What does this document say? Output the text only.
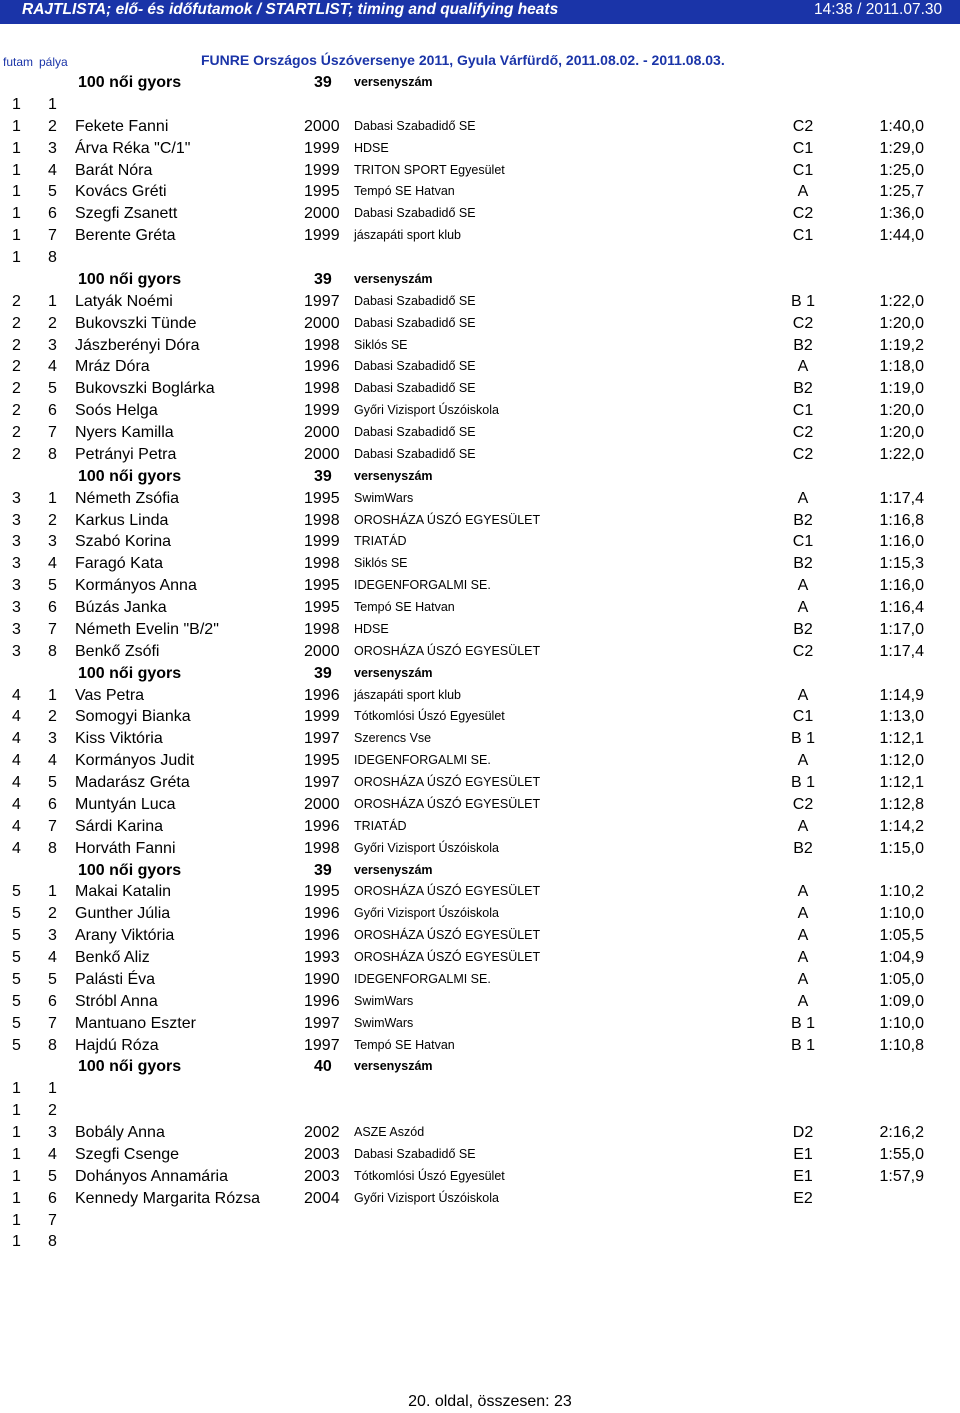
RAJTLISTA; elő- és időfutamok / STARTLIST; timing and qualifying heats	14:38 / 2011.07.30
futam pálya	FUNRE Országos Úszóversenye 2011, Gyula Várfürdő, 2011.08.02. - 2011.08.03.
100 női gyors	39 versenyszám
1 1
1 2 Fekete Fanni	2000 Dabasi Szabadidő SE	C2	1:40,0
1 3 Árva Réka "C/1"	1999 HDSE	C1	1:29,0
1 4 Barát Nóra	1999 TRITON SPORT Egyesület	C1	1:25,0
1 5 Kovács Gréti	1995 Tempó SE Hatvan	A	1:25,7
1 6 Szegfi Zsanett	2000 Dabasi Szabadidő SE	C2	1:36,0
1 7 Berente Gréta	1999 jászapáti sport klub	C1	1:44,0
1 8
100 női gyors	39 versenyszám
2 1 Latyák Noémi	1997 Dabasi Szabadidő SE	B 1	1:22,0
2 2 Bukovszki Tünde	2000 Dabasi Szabadidő SE	C2	1:20,0
2 3 Jászberényi Dóra	1998 Siklós SE	B2	1:19,2
2 4 Mráz Dóra	1996 Dabasi Szabadidő SE	A	1:18,0
2 5 Bukovszki Boglárka	1998 Dabasi Szabadidő SE	B2	1:19,0
2 6 Soós Helga	1999 Győri Vizisport Úszóiskola	C1	1:20,0
2 7 Nyers Kamilla	2000 Dabasi Szabadidő SE	C2	1:20,0
2 8 Petrányi Petra	2000 Dabasi Szabadidő SE	C2	1:22,0
100 női gyors	39 versenyszám
3 1 Németh Zsófia	1995 SwimWars	A	1:17,4
3 2 Karkus Linda	1998 OROSHÁZA ÚSZÓ EGYESÜLET	B2	1:16,8
3 3 Szabó Korina	1999 TRIATÁD	C1	1:16,0
3 4 Faragó Kata	1998 Siklós SE	B2	1:15,3
3 5 Kormányos Anna	1995 IDEGENFORGALMI SE.	A	1:16,0
3 6 Búzás Janka	1995 Tempó SE Hatvan	A	1:16,4
3 7 Németh Evelin "B/2"	1998 HDSE	B2	1:17,0
3 8 Benkő Zsófi	2000 OROSHÁZA ÚSZÓ EGYESÜLET	C2	1:17,4
100 női gyors	39 versenyszám
4 1 Vas Petra	1996 jászapáti sport klub	A	1:14,9
4 2 Somogyi Bianka	1999 Tótkomlósi Úszó Egyesület	C1	1:13,0
4 3 Kiss Viktória	1997 Szerencs Vse	B 1	1:12,1
4 4 Kormányos Judit	1995 IDEGENFORGALMI SE.	A	1:12,0
4 5 Madarász Gréta	1997 OROSHÁZA ÚSZÓ EGYESÜLET	B 1	1:12,1
4 6 Muntyán Luca	2000 OROSHÁZA ÚSZÓ EGYESÜLET	C2	1:12,8
4 7 Sárdi Karina	1996 TRIATÁD	A	1:14,2
4 8 Horváth Fanni	1998 Győri Vizisport Úszóiskola	B2	1:15,0
100 női gyors	39 versenyszám
5 1 Makai Katalin	1995 OROSHÁZA ÚSZÓ EGYESÜLET	A	1:10,2
5 2 Gunther Júlia	1996 Győri Vizisport Úszóiskola	A	1:10,0
5 3 Arany Viktória	1996 OROSHÁZA ÚSZÓ EGYESÜLET	A	1:05,5
5 4 Benkő Aliz	1993 OROSHÁZA ÚSZÓ EGYESÜLET	A	1:04,9
5 5 Palásti Éva	1990 IDEGENFORGALMI SE.	A	1:05,0
5 6 Stróbl Anna	1996 SwimWars	A	1:09,0
5 7 Mantuano Eszter	1997 SwimWars	B 1	1:10,0
5 8 Hajdú Róza	1997 Tempó SE Hatvan	B 1	1:10,8
100 női gyors	40 versenyszám
1 1
1 2
1 3 Bobály Anna	2002 ASZE Aszód	D2	2:16,2
1 4 Szegfi Csenge	2003 Dabasi Szabadidő SE	E1	1:55,0
1 5 Dohányos Annamária	2003 Tótkomlósi Úszó Egyesület	E1	1:57,9
1 6 Kennedy Margarita Rózsa	2004 Győri Vizisport Úszóiskola	E2
1 7
1 8
20. oldal, összesen: 23
